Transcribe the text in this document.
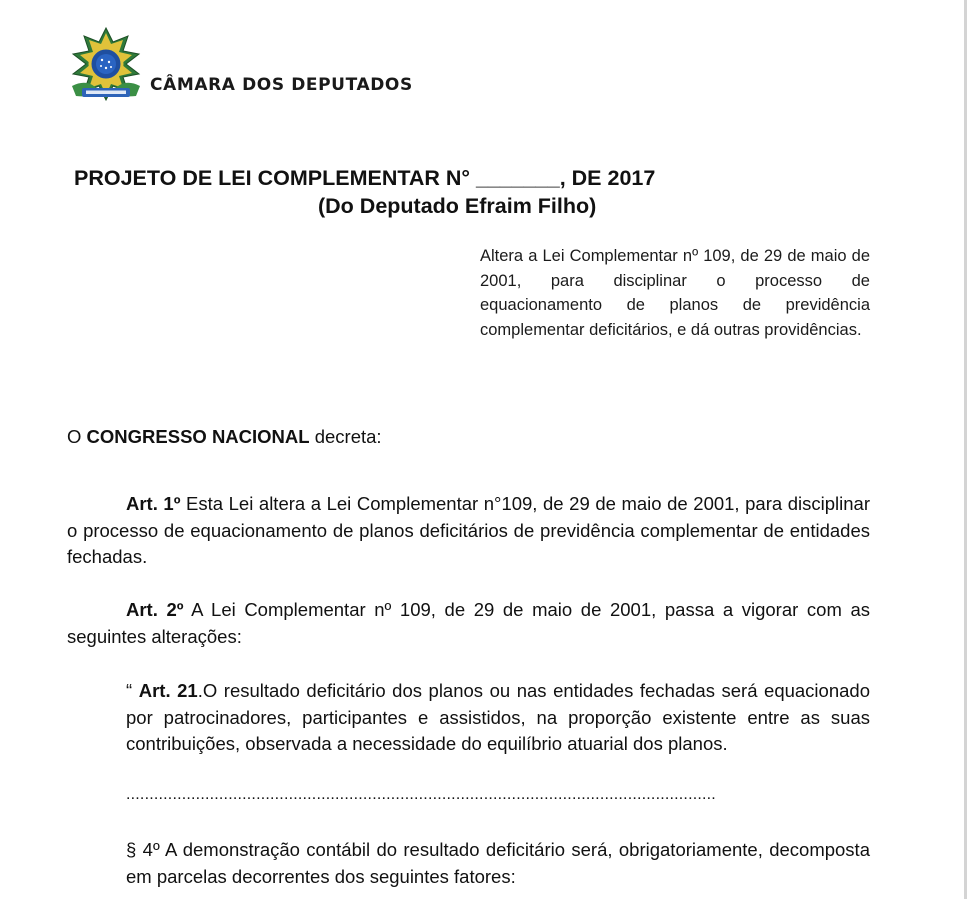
CÂMARA DOS DEPUTADOS
PROJETO DE LEI COMPLEMENTAR N° _______, DE 2017
(Do Deputado Efraim Filho)
Altera a Lei Complementar nº 109, de 29 de maio de 2001, para disciplinar o processo de equacionamento de planos de previdência complementar deficitários, e dá outras providências.
O CONGRESSO NACIONAL decreta:
Art. 1º Esta Lei altera a Lei Complementar n°109, de 29 de maio de 2001, para disciplinar o processo de equacionamento de planos deficitários de previdência complementar de entidades fechadas.
Art. 2º A Lei Complementar nº 109, de 29 de maio de 2001, passa a vigorar com as seguintes alterações:
“ Art. 21.O resultado deficitário dos planos ou nas entidades fechadas será equacionado por patrocinadores, participantes e assistidos, na proporção existente entre as suas contribuições, observada a necessidade do equilíbrio atuarial dos planos.
...............................................................................................................................
§ 4º A demonstração contábil do resultado deficitário será, obrigatoriamente, decomposta em parcelas decorrentes dos seguintes fatores:
